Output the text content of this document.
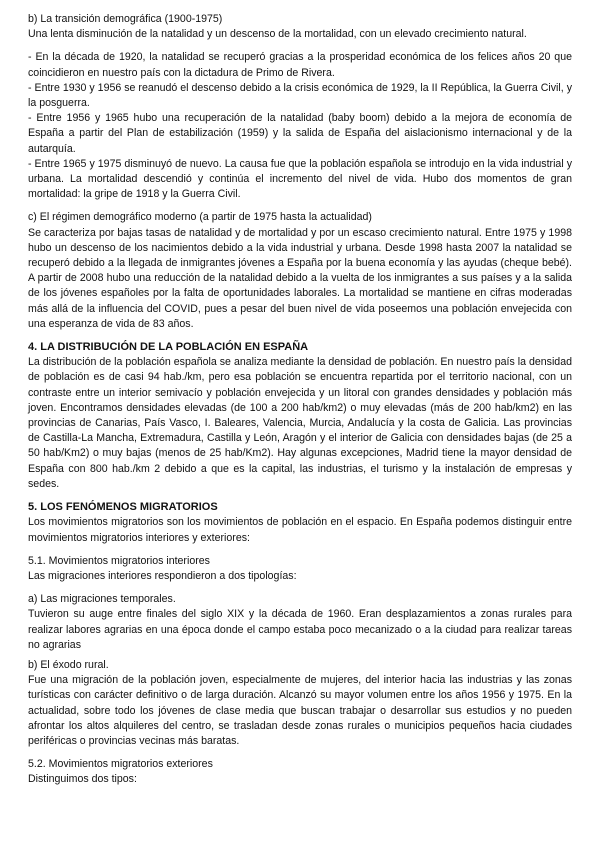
b) La transición demográfica (1900-1975)

Una lenta disminución de la natalidad y un descenso de la mortalidad, con un elevado crecimiento natural.

- En la década de 1920, la natalidad se recuperó gracias a la prosperidad económica de los felices años 20 que coincidieron en nuestro país con la dictadura de Primo de Rivera.

- Entre 1930 y 1956 se reanudó el descenso debido a la crisis económica de 1929, la II República, la Guerra Civil, y la posguerra.

- Entre 1956 y 1965 hubo una recuperación de la natalidad (baby boom) debido a la mejora de economía de España a partir del Plan de estabilización (1959) y la salida de España del aislacionismo internacional y de la autarquía.

- Entre 1965 y 1975 disminuyó de nuevo. La causa fue que la población española se introdujo en la vida industrial y urbana. La mortalidad descendió y continúa el incremento del nivel de vida. Hubo dos momentos de gran mortalidad: la gripe de 1918 y la Guerra Civil.

c) El régimen demográfico moderno (a partir de 1975 hasta la actualidad)

Se caracteriza por bajas tasas de natalidad y de mortalidad y por un escaso crecimiento natural. Entre 1975 y 1998 hubo un descenso de los nacimientos debido a la vida industrial y urbana. Desde 1998 hasta 2007 la natalidad se recuperó debido a la llegada de inmigrantes jóvenes a España por la buena economía y las ayudas (cheque bebé). A partir de 2008 hubo una reducción de la natalidad debido a la vuelta de los inmigrantes a sus países y a la salida de los jóvenes españoles por la falta de oportunidades laborales. La mortalidad se mantiene en cifras moderadas más allá de la influencia del COVID, pues a pesar del buen nivel de vida poseemos una población envejecida con una esperanza de vida de 83 años.

4. LA DISTRIBUCIÓN DE LA POBLACIÓN EN ESPAÑA

La distribución de la población española se analiza mediante la densidad de población. En nuestro país la densidad de población es de casi 94 hab./km, pero esa población se encuentra repartida por el territorio nacional, con un contraste entre un interior semivacío y población envejecida y un litoral con grandes densidades y población más joven. Encontramos densidades elevadas (de 100 a 200 hab/km2) o muy elevadas (más de 200 hab/km2) en las provincias de Canarias, País Vasco, I. Baleares, Valencia, Murcia, Andalucía y la costa de Galicia. Las provincias de Castilla-La Mancha, Extremadura, Castilla y León, Aragón y el interior de Galicia con densidades bajas (de 25 a 50 hab/Km2) o muy bajas (menos de 25 hab/Km2). Hay algunas excepciones, Madrid tiene la mayor densidad de España con 800 hab./km 2 debido a que es la capital, las industrias, el turismo y la instalación de empresas y sedes.

5. LOS FENÓMENOS MIGRATORIOS

Los movimientos migratorios son los movimientos de población en el espacio. En España podemos distinguir entre movimientos migratorios interiores y exteriores:

5.1. Movimientos migratorios interiores

Las migraciones interiores respondieron a dos tipologías:

a) Las migraciones temporales.

Tuvieron su auge entre finales del siglo XIX y la década de 1960. Eran desplazamientos a zonas rurales para realizar labores agrarias en una época donde el campo estaba poco mecanizado o a la ciudad para realizar tareas no agrarias

b) El éxodo rural.

Fue una migración de la población joven, especialmente de mujeres, del interior hacia las industrias y las zonas turísticas con carácter definitivo o de larga duración. Alcanzó su mayor volumen entre los años 1956 y 1975. En la actualidad, sobre todo los jóvenes de clase media que buscan trabajar o desarrollar sus estudios y no pueden afrontar los altos alquileres del centro, se trasladan desde zonas rurales o municipios pequeños hacia ciudades periféricas o provincias vecinas más baratas.

5.2. Movimientos migratorios exteriores

Distinguimos dos tipos:
